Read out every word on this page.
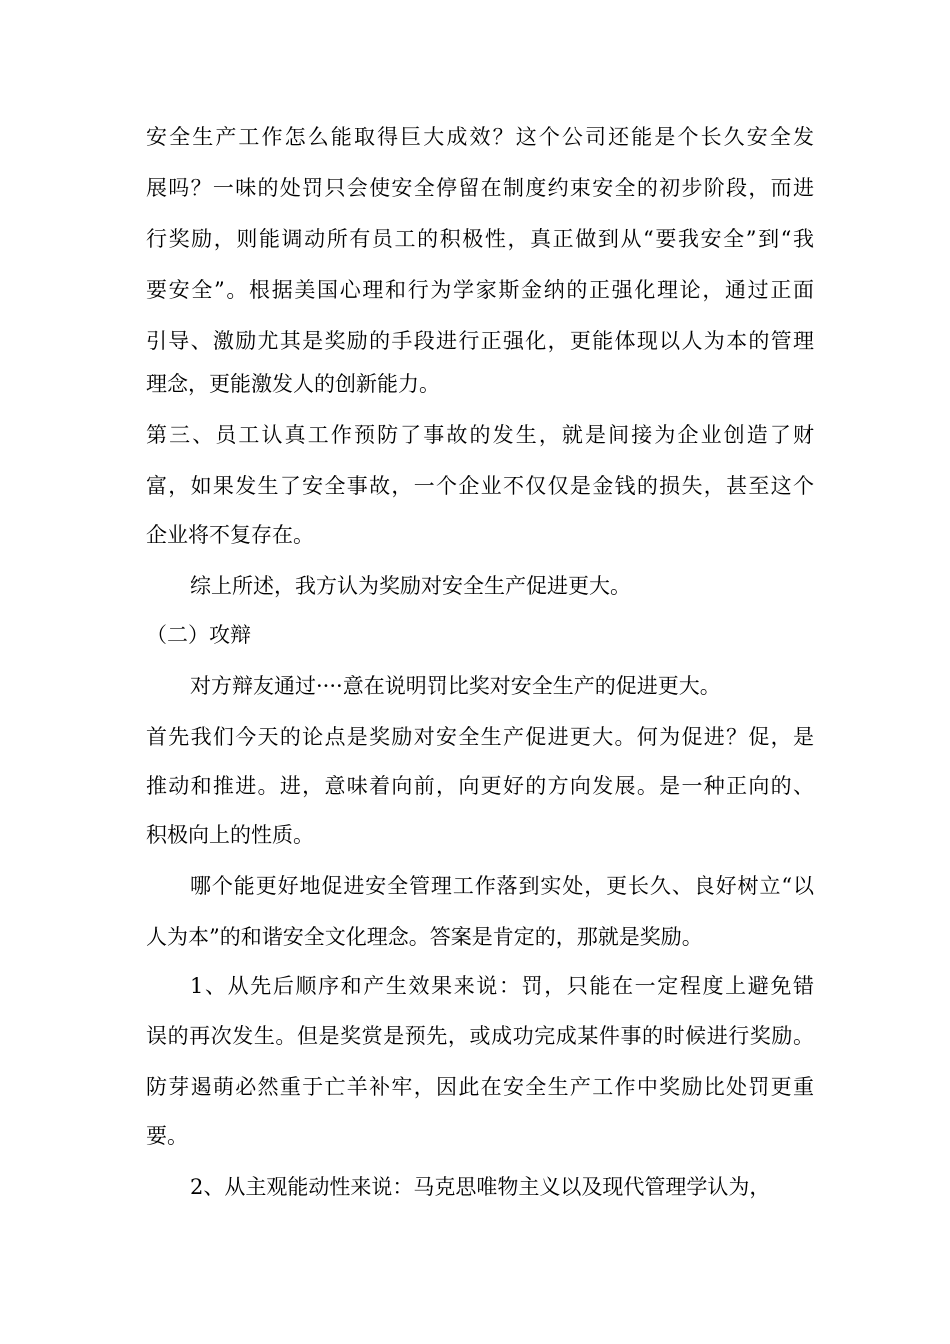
安全生产工作怎么能取得巨大成效？这个公司还能是个长久安全发
展吗？一味的处罚只会使安全停留在制度约束安全的初步阶段，而进
行奖励，则能调动所有员工的积极性，真正做到从“要我安全”到“我
要安全”。根据美国心理和行为学家斯金纳的正强化理论，通过正面
引导、激励尤其是奖励的手段进行正强化，更能体现以人为本的管理
理念，更能激发人的创新能力。
第三、员工认真工作预防了事故的发生，就是间接为企业创造了财
富，如果发生了安全事故，一个企业不仅仅是金钱的损失，甚至这个
企业将不复存在。
综上所述，我方认为奖励对安全生产促进更大。
（二）攻辩
对方辩友通过····意在说明罚比奖对安全生产的促进更大。
首先我们今天的论点是奖励对安全生产促进更大。何为促进？促，是
推动和推进。进，意味着向前，向更好的方向发展。是一种正向的、
积极向上的性质。
哪个能更好地促进安全管理工作落到实处，更长久、良好树立“以
人为本”的和谐安全文化理念。答案是肯定的，那就是奖励。
1、从先后顺序和产生效果来说：罚，只能在一定程度上避免错
误的再次发生。但是奖赏是预先，或成功完成某件事的时候进行奖励。
防芽遏萌必然重于亡羊补牢，因此在安全生产工作中奖励比处罚更重
要。
2、从主观能动性来说：马克思唯物主义以及现代管理学认为，
